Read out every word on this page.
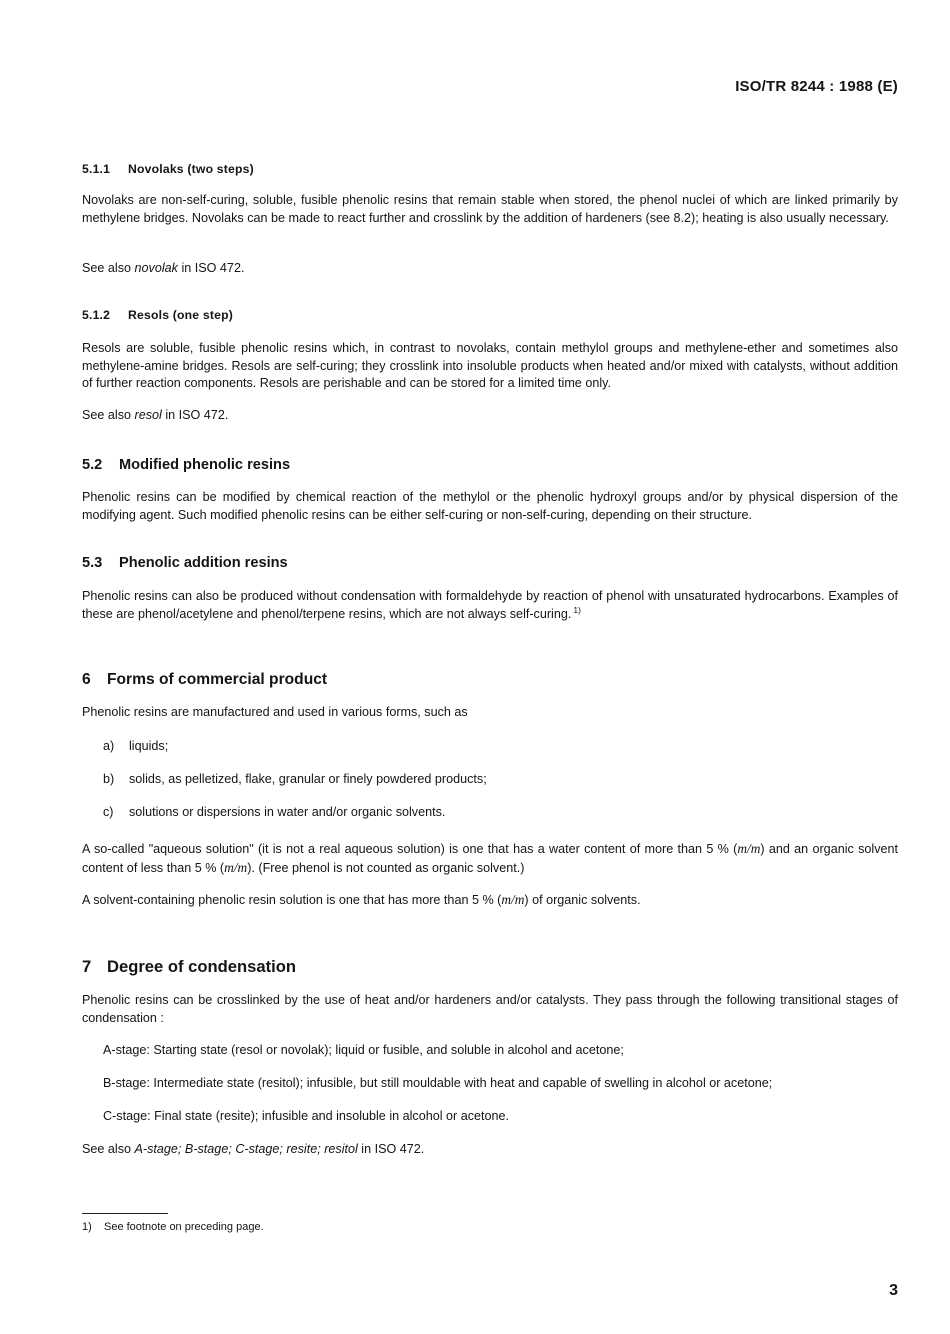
ISO/TR 8244 : 1988 (E)
5.1.1 Novolaks (two steps)

Novolaks are non-self-curing, soluble, fusible phenolic resins that remain stable when stored, the phenol nuclei of which are linked primarily by methylene bridges. Novolaks can be made to react further and crosslink by the addition of hardeners (see 8.2); heating is also usually necessary.

See also novolak in ISO 472.

5.1.2 Resols (one step)

Resols are soluble, fusible phenolic resins which, in contrast to novolaks, contain methylol groups and methylene-ether and sometimes also methylene-amine bridges. Resols are self-curing; they crosslink into insoluble products when heated and/or mixed with catalysts, without addition of further reaction components. Resols are perishable and can be stored for a limited time only.

See also resol in ISO 472.

5.2 Modified phenolic resins

Phenolic resins can be modified by chemical reaction of the methylol or the phenolic hydroxyl groups and/or by physical dispersion of the modifying agent. Such modified phenolic resins can be either self-curing or non-self-curing, depending on their structure.

5.3 Phenolic addition resins

Phenolic resins can also be produced without condensation with formaldehyde by reaction of phenol with unsaturated hydrocarbons. Examples of these are phenol/acetylene and phenol/terpene resins, which are not always self-curing. $^{1)}$

6 Forms of commercial product

Phenolic resins are manufactured and used in various forms, such as

a) liquids;

b) solids, as pelletized, flake, granular or finely powdered products;

c) solutions or dispersions in water and/or organic solvents.

A so-called "aqueous solution" (it is not a real aqueous solution) is one that has a water content of more than 5 % (m/m) and an organic solvent content of less than 5 % (m/m). (Free phenol is not counted as organic solvent.)

A solvent-containing phenolic resin solution is one that has more than 5 % (m/m) of organic solvents.

7 Degree of condensation

Phenolic resins can be crosslinked by the use of heat and/or hardeners and/or catalysts. They pass through the following transitional stages of condensation :

A-stage: Starting state (resol or novolak); liquid or fusible, and soluble in alcohol and acetone;

B-stage: Intermediate state (resitol); infusible, but still mouldable with heat and capable of swelling in alcohol or acetone;

C-stage: Final state (resite); infusible and insoluble in alcohol or acetone.

See also A-stage; B-stage; C-stage; resite; resitol in ISO 472.

1) See footnote on preceding page.

3
